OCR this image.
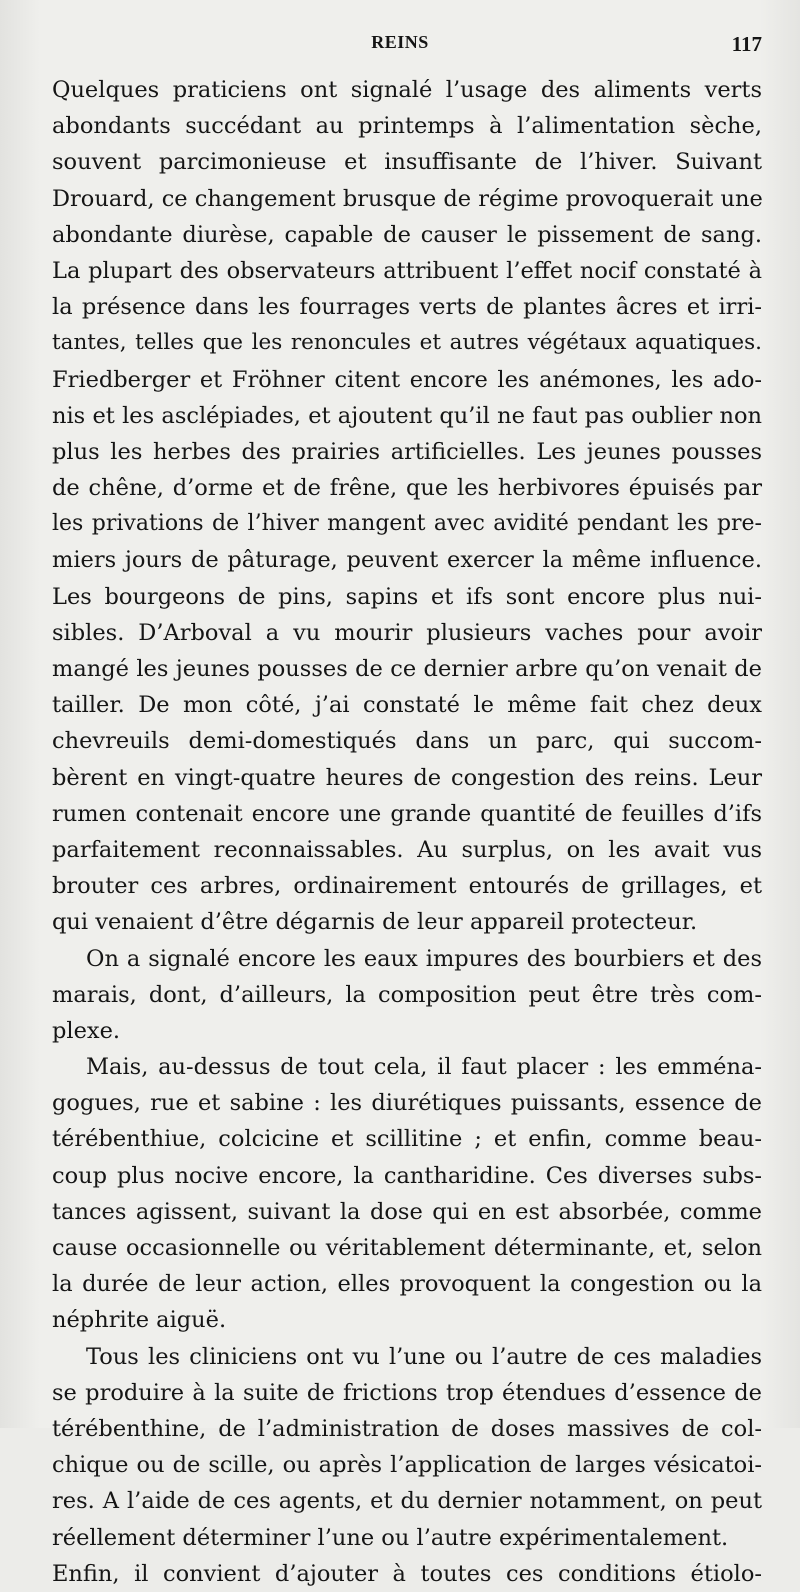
REINS	117
Quelques praticiens ont signalé l’usage des aliments verts
abondants succédant au printemps à l’alimentation sèche,
souvent parcimonieuse et insuffisante de l’hiver. Suivant
Drouard, ce changement brusque de régime provoquerait une
abondante diurèse, capable de causer le pissement de sang.
La plupart des observateurs attribuent l’effet nocif constaté à
la présence dans les fourrages verts de plantes âcres et irri-
tantes, telles que les renoncules et autres végétaux aquatiques.
Friedberger et Fröhner citent encore les anémones, les ado-
nis et les asclépiades, et ajoutent qu’il ne faut pas oublier non
plus les herbes des prairies artificielles. Les jeunes pousses
de chêne, d’orme et de frêne, que les herbivores épuisés par
les privations de l’hiver mangent avec avidité pendant les pre-
miers jours de pâturage, peuvent exercer la même influence.
Les bourgeons de pins, sapins et ifs sont encore plus nui-
sibles. D’Arboval a vu mourir plusieurs vaches pour avoir
mangé les jeunes pousses de ce dernier arbre qu’on venait de
tailler. De mon côté, j’ai constaté le même fait chez deux
chevreuils demi-domestiqués dans un parc, qui succom-
bèrent en vingt-quatre heures de congestion des reins. Leur
rumen contenait encore une grande quantité de feuilles d’ifs
parfaitement reconnaissables. Au surplus, on les avait vus
brouter ces arbres, ordinairement entourés de grillages, et
qui venaient d’être dégarnis de leur appareil protecteur.
On a signalé encore les eaux impures des bourbiers et des
marais, dont, d’ailleurs, la composition peut être très com-
plexe.
Mais, au-dessus de tout cela, il faut placer : les emména-
gogues, rue et sabine : les diurétiques puissants, essence de
térébenthiue, colcicine et scillitine ; et enfin, comme beau-
coup plus nocive encore, la cantharidine. Ces diverses subs-
tances agissent, suivant la dose qui en est absorbée, comme
cause occasionnelle ou véritablement déterminante, et, selon
la durée de leur action, elles provoquent la congestion ou la
néphrite aiguë.
Tous les cliniciens ont vu l’une ou l’autre de ces maladies
se produire à la suite de frictions trop étendues d’essence de
térébenthine, de l’administration de doses massives de col-
chique ou de scille, ou après l’application de larges vésicatoi-
res. A l’aide de ces agents, et du dernier notamment, on peut
réellement déterminer l’une ou l’autre expérimentalement.
Enfin, il convient d’ajouter à toutes ces conditions étiolo-
